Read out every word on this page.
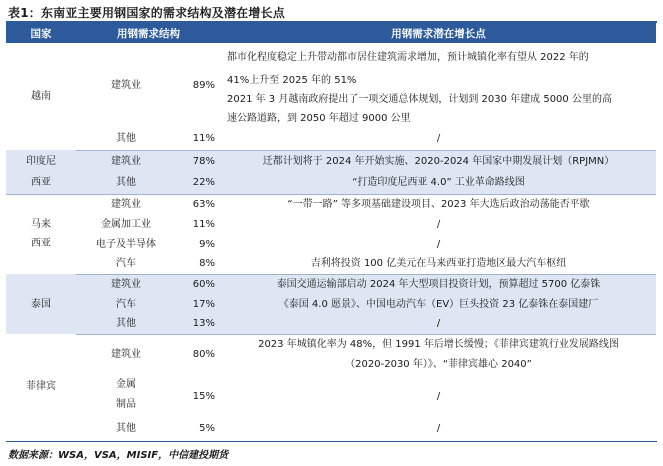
表1：东南亚主要用钢国家的需求结构及潜在增长点
国家	用钢需求结构		用钢需求潜在增长点
越南	建筑业	89%	都市化程度稳定上升带动都市居住建筑需求增加，预计城镇化率有望从 2022 年的
			41%上升至 2025 年的 51%
			2021 年 3 月越南政府提出了一项交通总体规划，计划到 2030 年建成 5000 公里的高
			速公路道路，到 2050 年超过 9000 公里
	其他	11%	/
印度尼	建筑业	78%	迁都计划将于 2024 年开始实施、2020-2024 年国家中期发展计划（RPJMN）
西亚	其他	22%	“打造印度尼西亚 4.0” 工业革命路线图
马来	建筑业	63%	“一带一路” 等多项基础建设项目、2023 年大选后政治动荡能否平歇
	金属加工业	11%	/
西亚	电子及半导体	9%	/
	汽车	8%	吉利将投资 100 亿美元在马来西亚打造地区最大汽车枢纽
泰国	建筑业	60%	泰国交通运输部启动 2024 年大型项目投资计划，预算超过 5700 亿泰铢
	汽车	17%	《泰国 4.0 愿景》、中国电动汽车（EV）巨头投资 23 亿泰铢在泰国建厂
	其他	13%	/
菲律宾	建筑业	80%	2023 年城镇化率为 48%，但 1991 年后增长缓慢；《菲律宾建筑行业发展路线图
			（2020-2030 年）》、“菲律宾雄心 2040”
	金属	15%	/
	制品		

	其他	5%	/
数据来源：WSA，VSA，MISIF，中信建投期货
